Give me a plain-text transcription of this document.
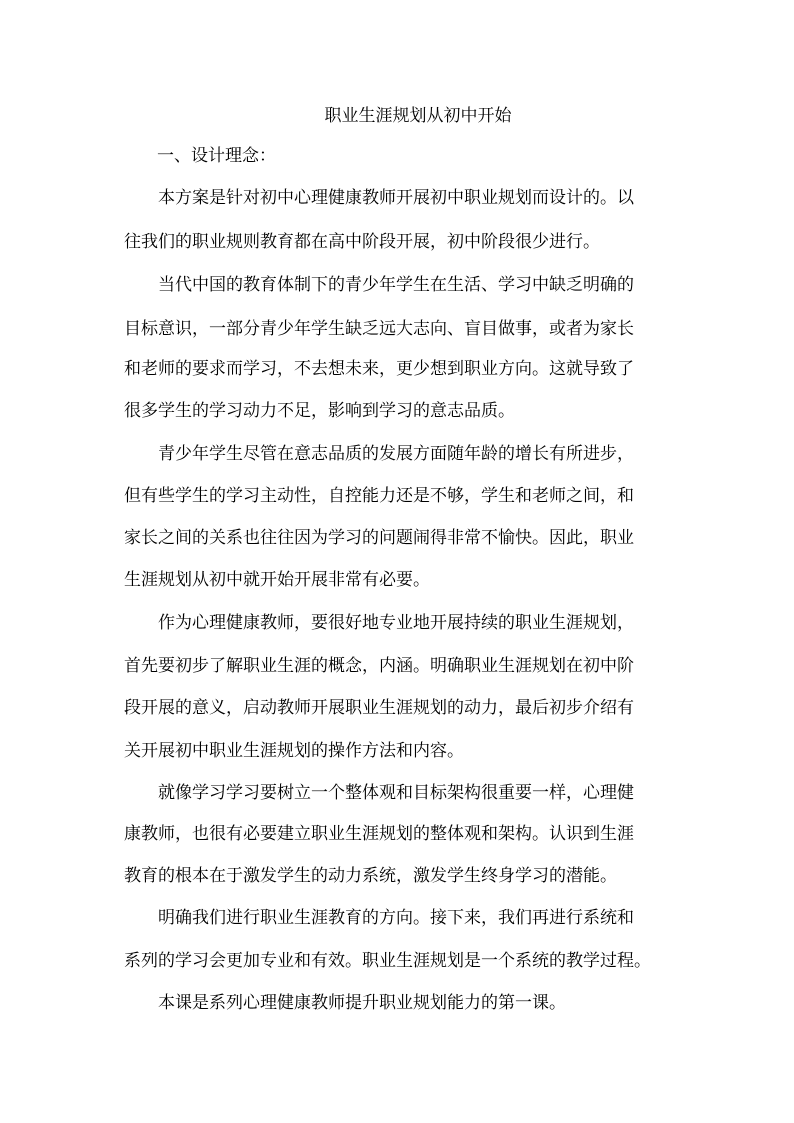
职业生涯规划从初中开始
一、设计理念：
本方案是针对初中心理健康教师开展初中职业规划而设计的。以
往我们的职业规则教育都在高中阶段开展，初中阶段很少进行。
当代中国的教育体制下的青少年学生在生活、学习中缺乏明确的
目标意识，一部分青少年学生缺乏远大志向、盲目做事，或者为家长
和老师的要求而学习，不去想未来，更少想到职业方向。这就导致了
很多学生的学习动力不足，影响到学习的意志品质。
青少年学生尽管在意志品质的发展方面随年龄的增长有所进步，
但有些学生的学习主动性，自控能力还是不够，学生和老师之间，和
家长之间的关系也往往因为学习的问题闹得非常不愉快。因此，职业
生涯规划从初中就开始开展非常有必要。
作为心理健康教师，要很好地专业地开展持续的职业生涯规划，
首先要初步了解职业生涯的概念，内涵。明确职业生涯规划在初中阶
段开展的意义，启动教师开展职业生涯规划的动力，最后初步介绍有
关开展初中职业生涯规划的操作方法和内容。
就像学习学习要树立一个整体观和目标架构很重要一样，心理健
康教师，也很有必要建立职业生涯规划的整体观和架构。认识到生涯
教育的根本在于激发学生的动力系统，激发学生终身学习的潜能。
明确我们进行职业生涯教育的方向。接下来，我们再进行系统和
系列的学习会更加专业和有效。职业生涯规划是一个系统的教学过程。
本课是系列心理健康教师提升职业规划能力的第一课。
